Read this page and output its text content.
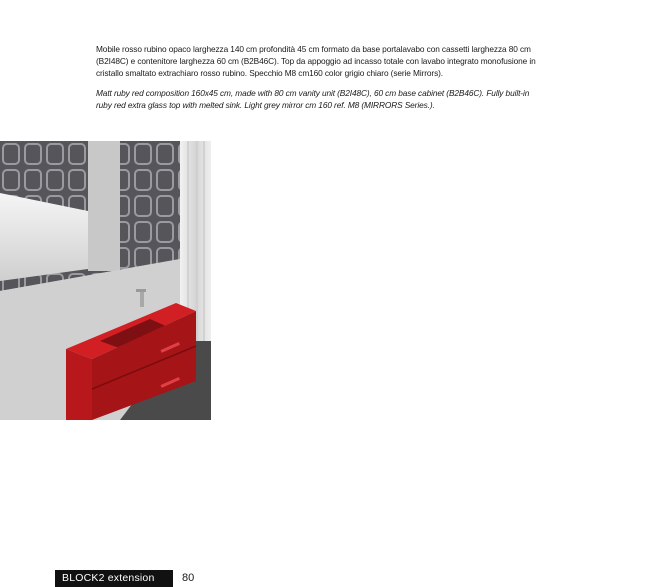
Mobile rosso rubino opaco larghezza 140 cm profondità 45 cm formato da base portalavabo con cassetti larghezza 80 cm (B2I48C) e contenitore larghezza 60 cm (B2B46C). Top da appoggio ad incasso totale con lavabo integrato monofusione in cristallo smaltato extrachiaro rosso rubino. Specchio M8 cm160 color grigio chiaro (serie Mirrors).

Matt ruby red composition 160x45 cm, made with 80 cm vanity unit (B2I48C), 60 cm base cabinet (B2B46C). Fully built-in ruby red extra glass top with melted sink. Light grey mirror cm 160 ref. M8 (MIRRORS Series.).

BLOCK2 extension	80
